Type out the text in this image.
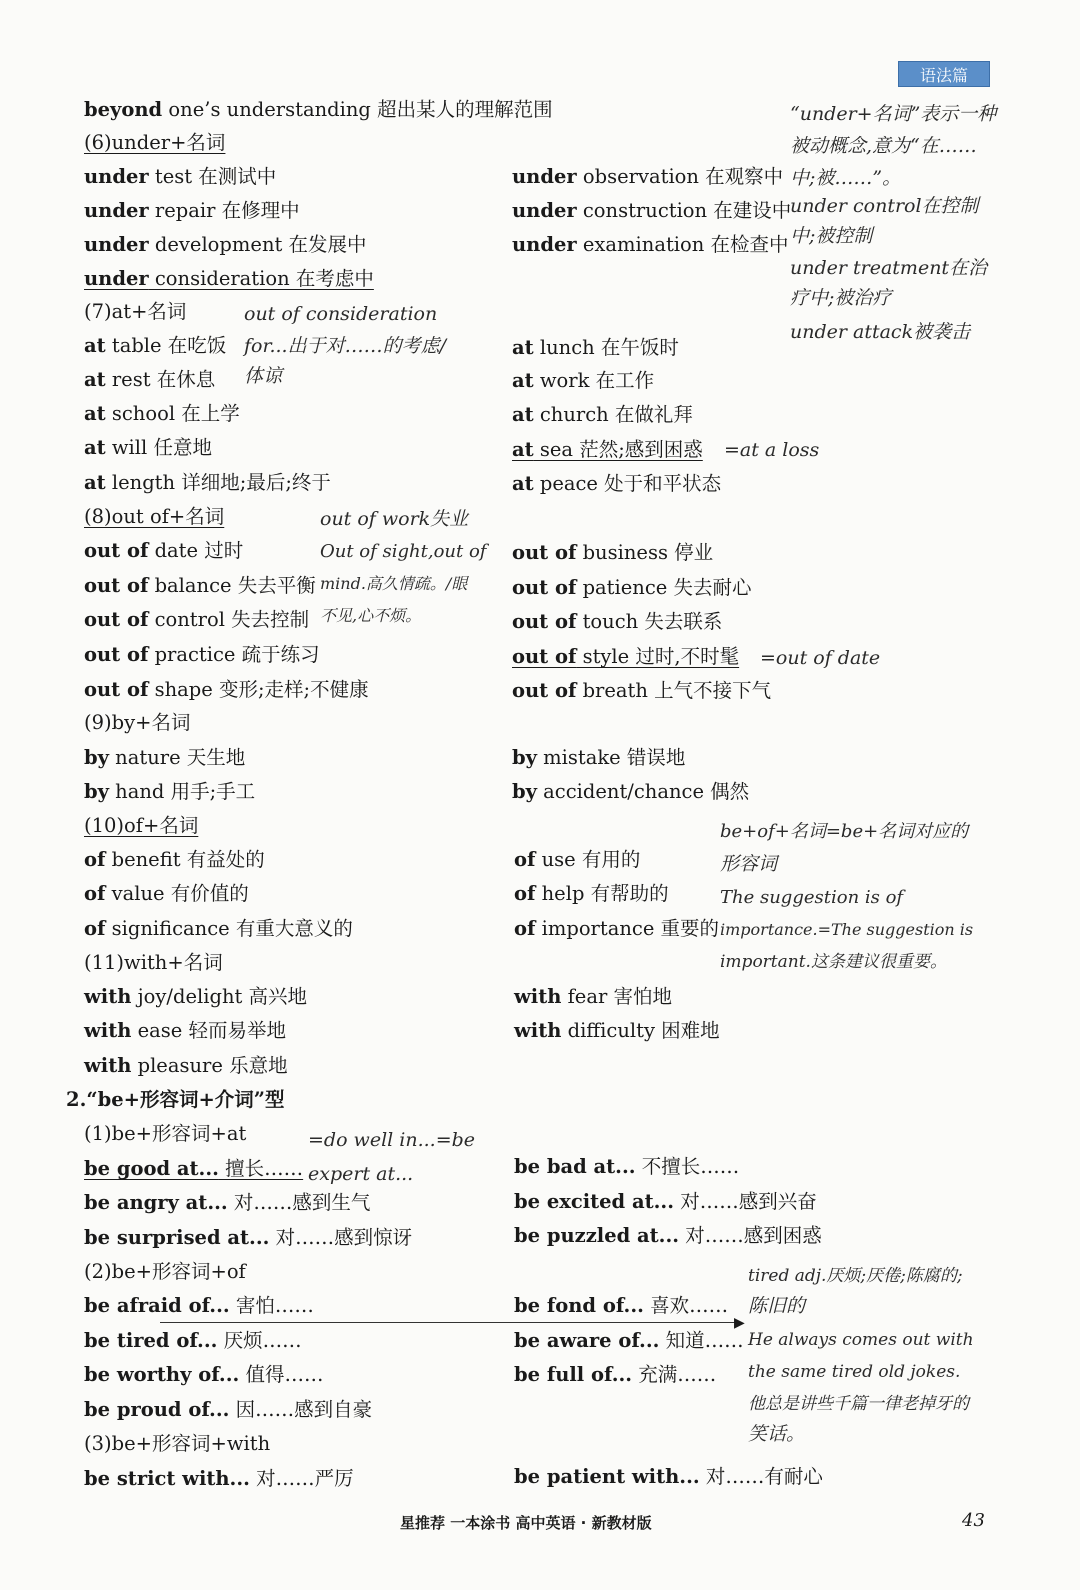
语法篇
beyond one’s understanding 超出某人的理解范围
(6)under+名词
under test 在测试中	under observation 在观察中
under repair 在修理中	under construction 在建设中
under development 在发展中	under examination 在检查中
under consideration 在考虑中
(7)at+名词
at table 在吃饭	at lunch 在午饭时
at rest 在休息	at work 在工作
at school 在上学	at church 在做礼拜
at will 任意地	at sea 茫然;感到困惑
at length 详细地;最后;终于	at peace 处于和平状态
(8)out of+名词
out of date 过时	out of business 停业
out of balance 失去平衡	out of patience 失去耐心
out of control 失去控制	out of touch 失去联系
out of practice 疏于练习	out of style 过时,不时髦
out of shape 变形;走样;不健康	out of breath 上气不接下气
(9)by+名词
by nature 天生地	by mistake 错误地
by hand 用手;手工	by accident/chance 偶然
(10)of+名词
of benefit 有益处的	of use 有用的
of value 有价值的	of help 有帮助的
of significance 有重大意义的	of importance 重要的
(11)with+名词
with joy/delight 高兴地	with fear 害怕地
with ease 轻而易举地	with difficulty 困难地
with pleasure 乐意地
2.“be+形容词+介词”型
(1)be+形容词+at
be good at... 擅长……	be bad at... 不擅长……
be angry at... 对……感到生气	be excited at... 对……感到兴奋
be surprised at... 对……感到惊讶	be puzzled at... 对……感到困惑
(2)be+形容词+of
be afraid of... 害怕……	be fond of... 喜欢……
be tired of... 厌烦……	be aware of... 知道……
be worthy of... 值得……	be full of... 充满……
be proud of... 因……感到自豪
(3)be+形容词+with
be strict with... 对……严厉	be patient with... 对……有耐心
“under+名词”表示一种
被动概念,意为“在……
中;被……”。
under control在控制
中;被控制
under treatment在治
疗中;被治疗
under attack被袭击
out of consideration
for...出于对……的考虑/
体谅
=at a loss
out of work失业
Out of sight,out of
mind.高久情疏。/眼
不见,心不烦。
=out of date
be+of+名词=be+名词对应的
形容词
The suggestion is of
importance.=The suggestion is
important.这条建议很重要。
=do well in...=be
expert at...
tired adj.厌烦;厌倦;陈腐的;
陈旧的
He always comes out with
the same tired old jokes.
他总是讲些千篇一律老掉牙的
笑话。
▶
星推荐 一本涂书 高中英语 · 新教材版	43
